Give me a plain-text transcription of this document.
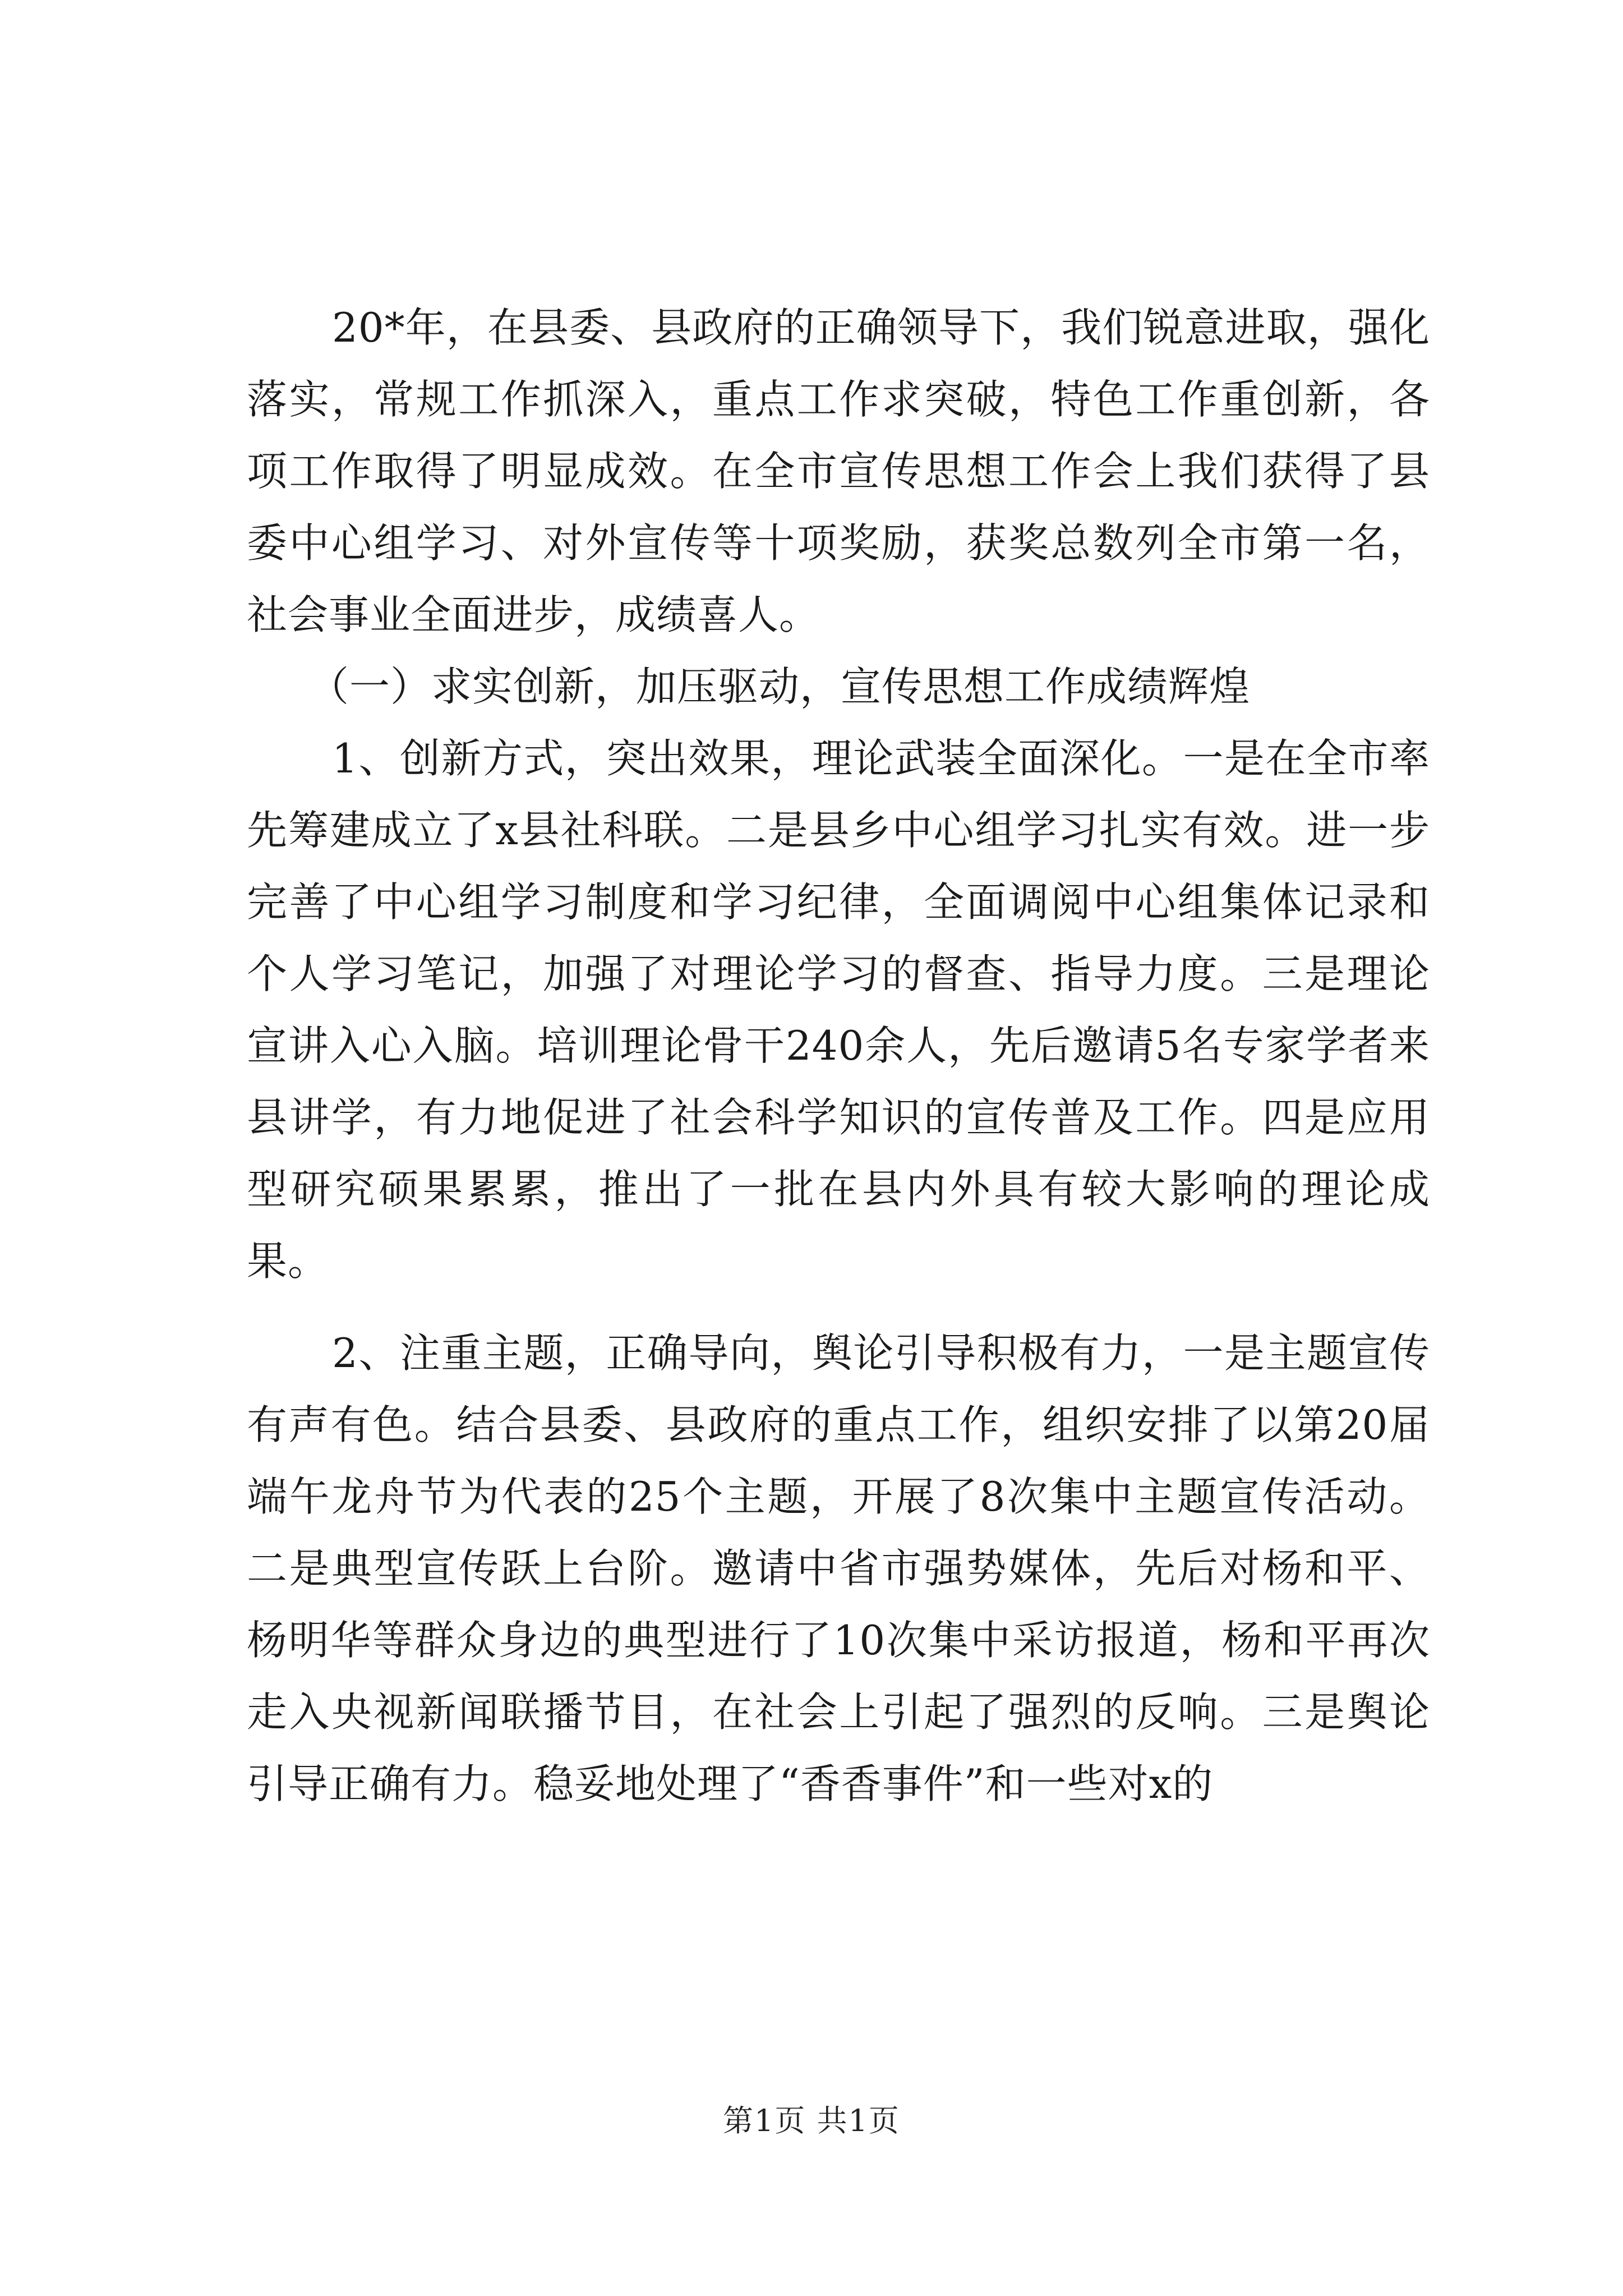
20*年，在县委、县政府的正确领导下，我们锐意进取，强化落实，常规工作抓深入，重点工作求突破，特色工作重创新，各项工作取得了明显成效。在全市宣传思想工作会上我们获得了县委中心组学习、对外宣传等十项奖励，获奖总数列全市第一名，社会事业全面进步，成绩喜人。

（一）求实创新，加压驱动，宣传思想工作成绩辉煌

1、创新方式，突出效果，理论武装全面深化。一是在全市率先筹建成立了x县社科联。二是县乡中心组学习扎实有效。进一步完善了中心组学习制度和学习纪律，全面调阅中心组集体记录和个人学习笔记，加强了对理论学习的督查、指导力度。三是理论宣讲入心入脑。培训理论骨干240余人，先后邀请5名专家学者来县讲学，有力地促进了社会科学知识的宣传普及工作。四是应用型研究硕果累累，推出了一批在县内外具有较大影响的理论成果。

2、注重主题，正确导向，舆论引导积极有力，一是主题宣传有声有色。结合县委、县政府的重点工作，组织安排了以第20届端午龙舟节为代表的25个主题，开展了8次集中主题宣传活动。二是典型宣传跃上台阶。邀请中省市强势媒体，先后对杨和平、杨明华等群众身边的典型进行了10次集中采访报道，杨和平再次走入央视新闻联播节目，在社会上引起了强烈的反响。三是舆论引导正确有力。稳妥地处理了“香香事件”和一些对x的

第1页 共1页
